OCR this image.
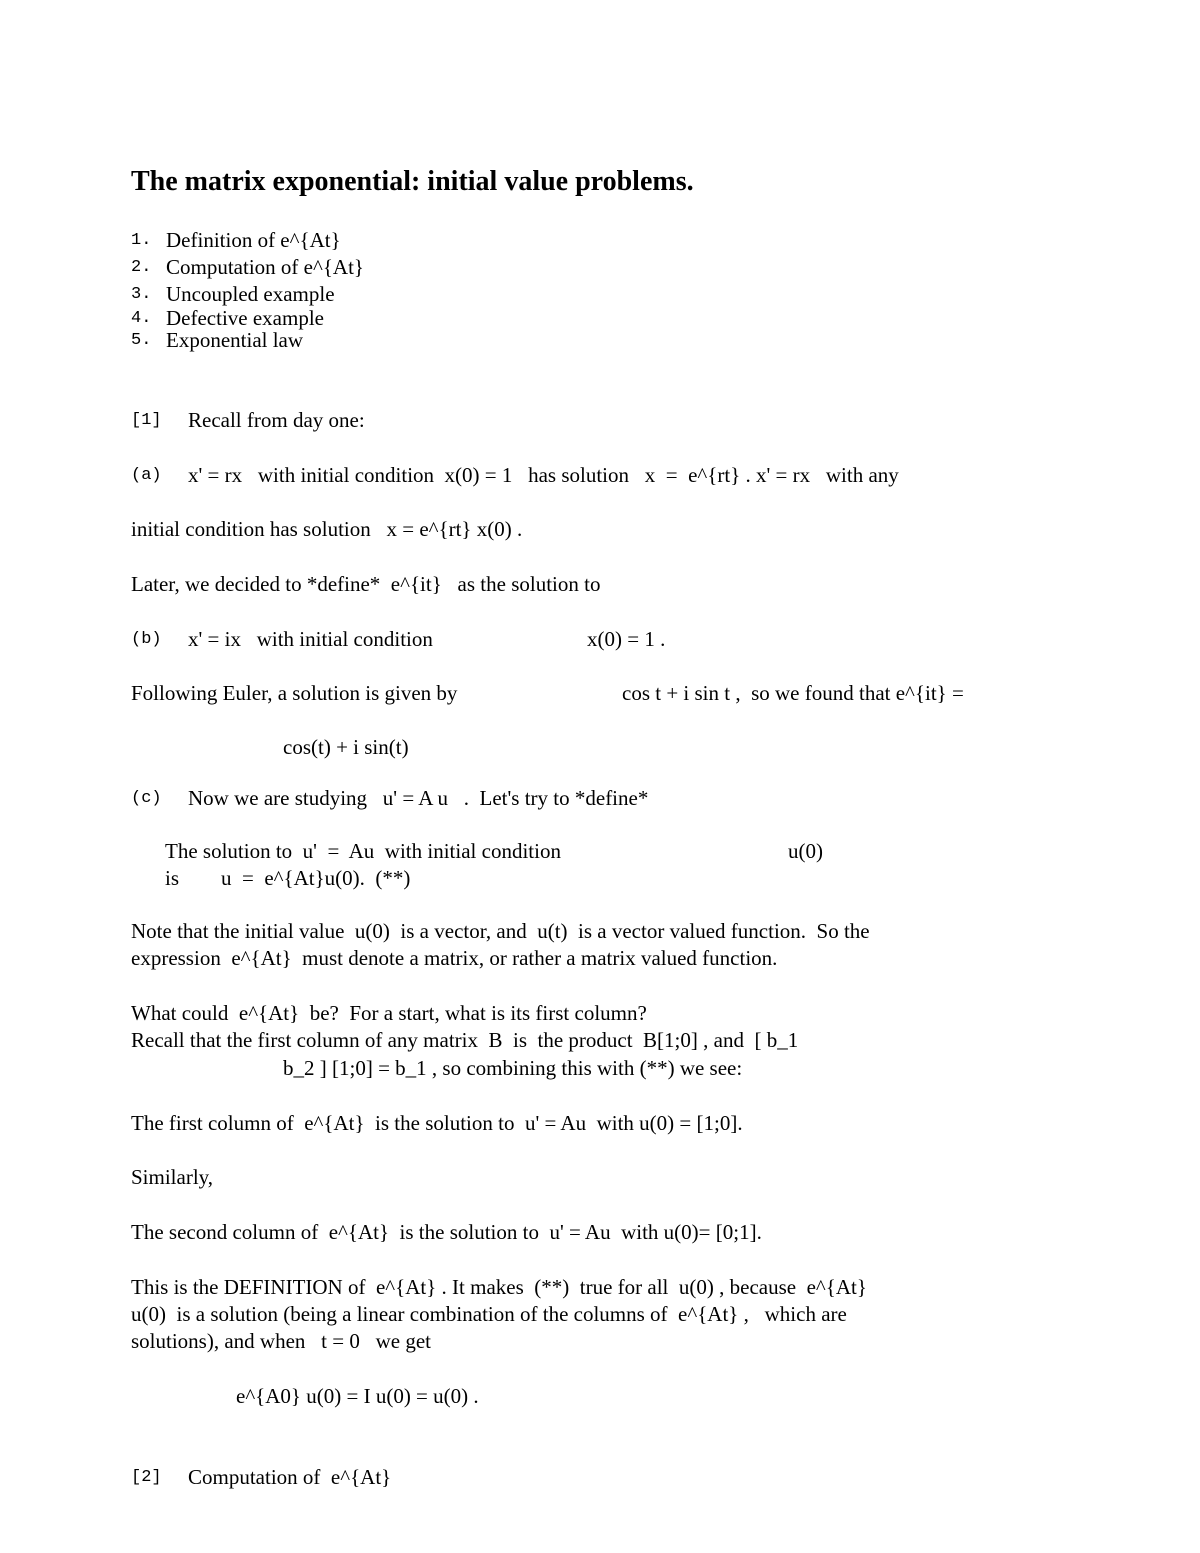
The matrix exponential: initial value problems.
1. Definition of e^{At}
2. Computation of e^{At}
3. Uncoupled example
4. Defective example
5. Exponential law
[1] Recall from day one:
(a) x' = rx   with initial condition  x(0) = 1   has solution   x  =  e^{rt} . x' = rx   with any
initial condition has solution   x = e^{rt} x(0) .
Later, we decided to *define*  e^{it}   as the solution to
(b) x' = ix   with initial condition	x(0) = 1 .
Following Euler, a solution is given by	cos t + i sin t ,  so we found that e^{it} =
cos(t) + i sin(t)
(c) Now we are studying   u' = A u   .  Let's try to *define*
The solution to  u'  =  Au  with initial condition	u(0)
is        u  =  e^{At}u(0).  (**)
Note that the initial value  u(0)  is a vector, and  u(t)  is a vector valued function.  So the
expression  e^{At}  must denote a matrix, or rather a matrix valued function.
What could  e^{At}  be?  For a start, what is its first column?
Recall that the first column of any matrix  B  is  the product  B[1;0] , and  [ b_1
b_2 ] [1;0] = b_1 , so combining this with (**) we see:
The first column of  e^{At}  is the solution to  u' = Au  with u(0) = [1;0].
Similarly,
The second column of  e^{At}  is the solution to  u' = Au  with u(0)= [0;1].
This is the DEFINITION of  e^{At} . It makes  (**)  true for all  u(0) , because  e^{At}
u(0)  is a solution (being a linear combination of the columns of  e^{At} ,   which are
solutions), and when   t = 0   we get
e^{A0} u(0) = I u(0) = u(0) .
[2] Computation of  e^{At}
